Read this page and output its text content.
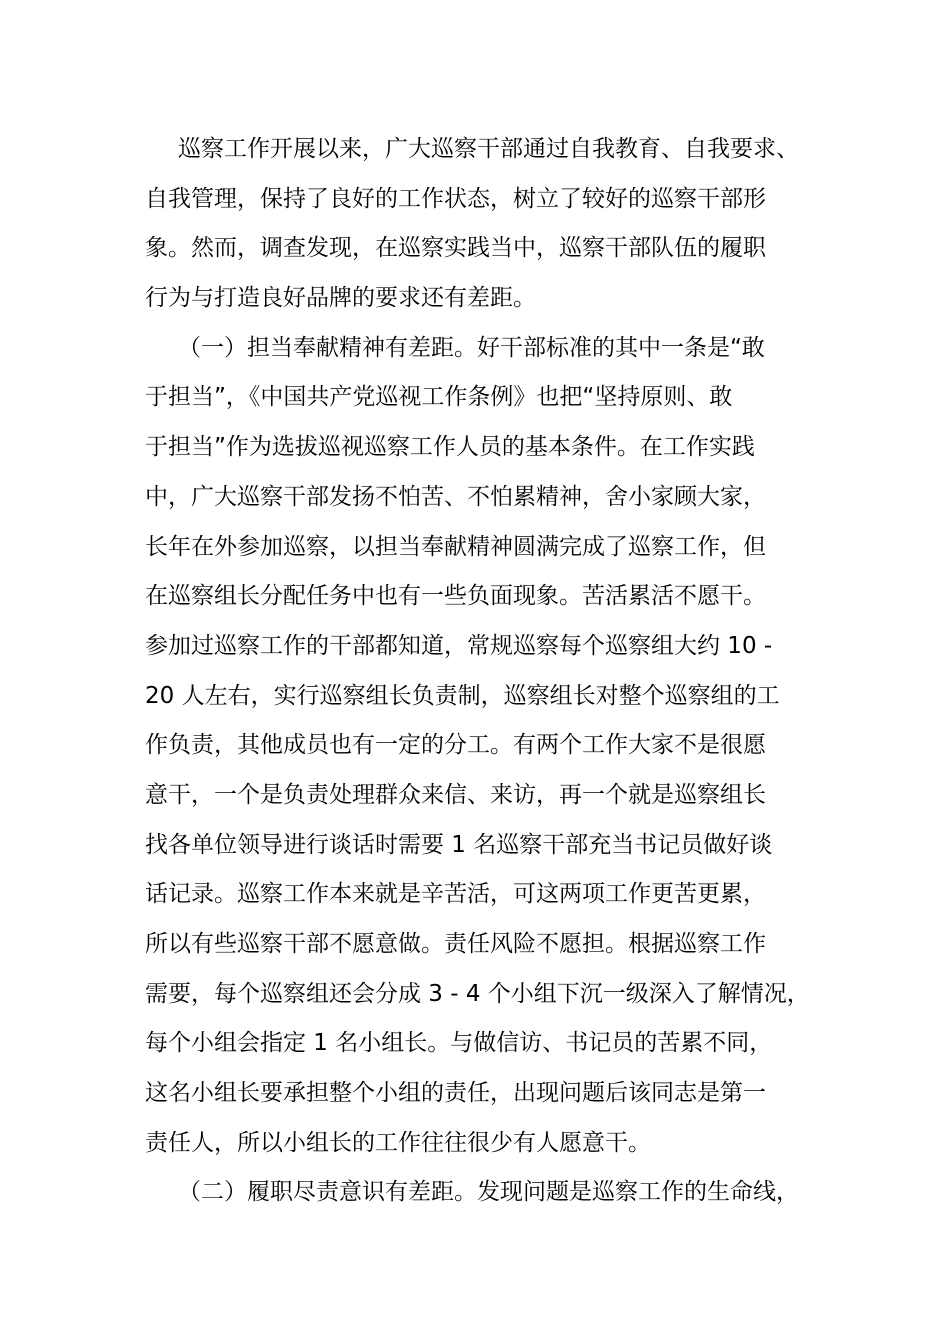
巡察工作开展以来，广大巡察干部通过自我教育、自我要求、
自我管理，保持了良好的工作状态，树立了较好的巡察干部形
象。然而，调查发现，在巡察实践当中，巡察干部队伍的履职
行为与打造良好品牌的要求还有差距。
（一）担当奉献精神有差距。好干部标准的其中一条是“敢
于担当”，《中国共产党巡视工作条例》也把“坚持原则、敢
于担当”作为选拔巡视巡察工作人员的基本条件。在工作实践
中，广大巡察干部发扬不怕苦、不怕累精神，舍小家顾大家，
长年在外参加巡察，以担当奉献精神圆满完成了巡察工作，但
在巡察组长分配任务中也有一些负面现象。苦活累活不愿干。
参加过巡察工作的干部都知道，常规巡察每个巡察组大约 10 -
20 人左右，实行巡察组长负责制，巡察组长对整个巡察组的工
作负责，其他成员也有一定的分工。有两个工作大家不是很愿
意干，一个是负责处理群众来信、来访，再一个就是巡察组长
找各单位领导进行谈话时需要 1 名巡察干部充当书记员做好谈
话记录。巡察工作本来就是辛苦活，可这两项工作更苦更累，
所以有些巡察干部不愿意做。责任风险不愿担。根据巡察工作
需要，每个巡察组还会分成 3 - 4 个小组下沉一级深入了解情况，
每个小组会指定 1 名小组长。与做信访、书记员的苦累不同，
这名小组长要承担整个小组的责任，出现问题后该同志是第一
责任人，所以小组长的工作往往很少有人愿意干。
（二）履职尽责意识有差距。发现问题是巡察工作的生命线，
